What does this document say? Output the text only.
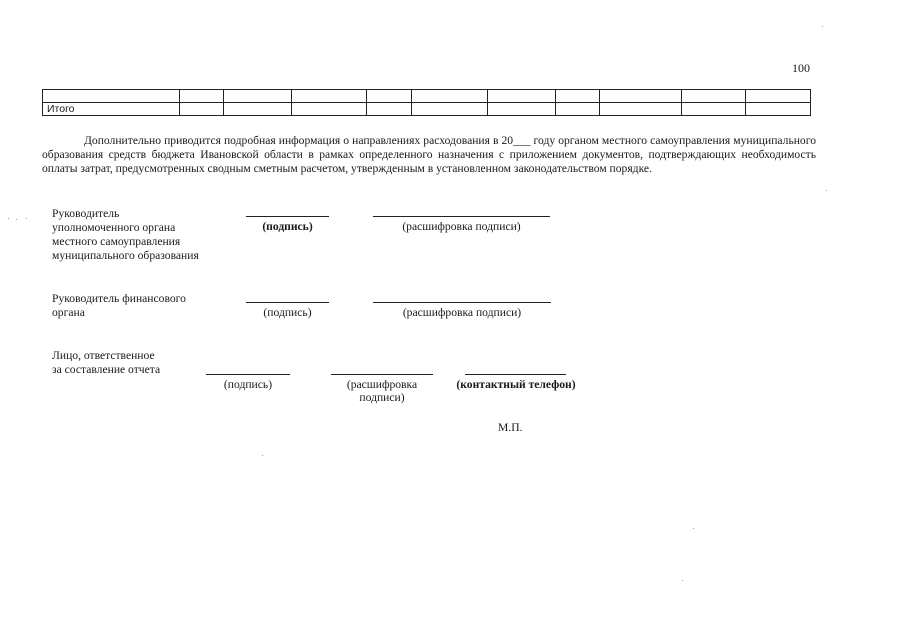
100

Итого										

Дополнительно приводится подробная информация о направлениях расходования в 20___ году органом местного самоуправления муниципального образования средств бюджета Ивановской области в рамках определенного назначения с приложением документов, подтверждающих необходимость оплаты затрат, предусмотренных сводным сметным расчетом, утвержденным в установленном законодательством порядке.

Руководитель
уполномоченного органа
местного самоуправления
муниципального образования
(подпись)	(расшифровка подписи)
Руководитель финансового
органа	(подпись)	(расшифровка подписи)
Лицо, ответственное
за составление отчета
(подпись)	(расшифровка
подписи)
(контактный телефон)
М.П.
